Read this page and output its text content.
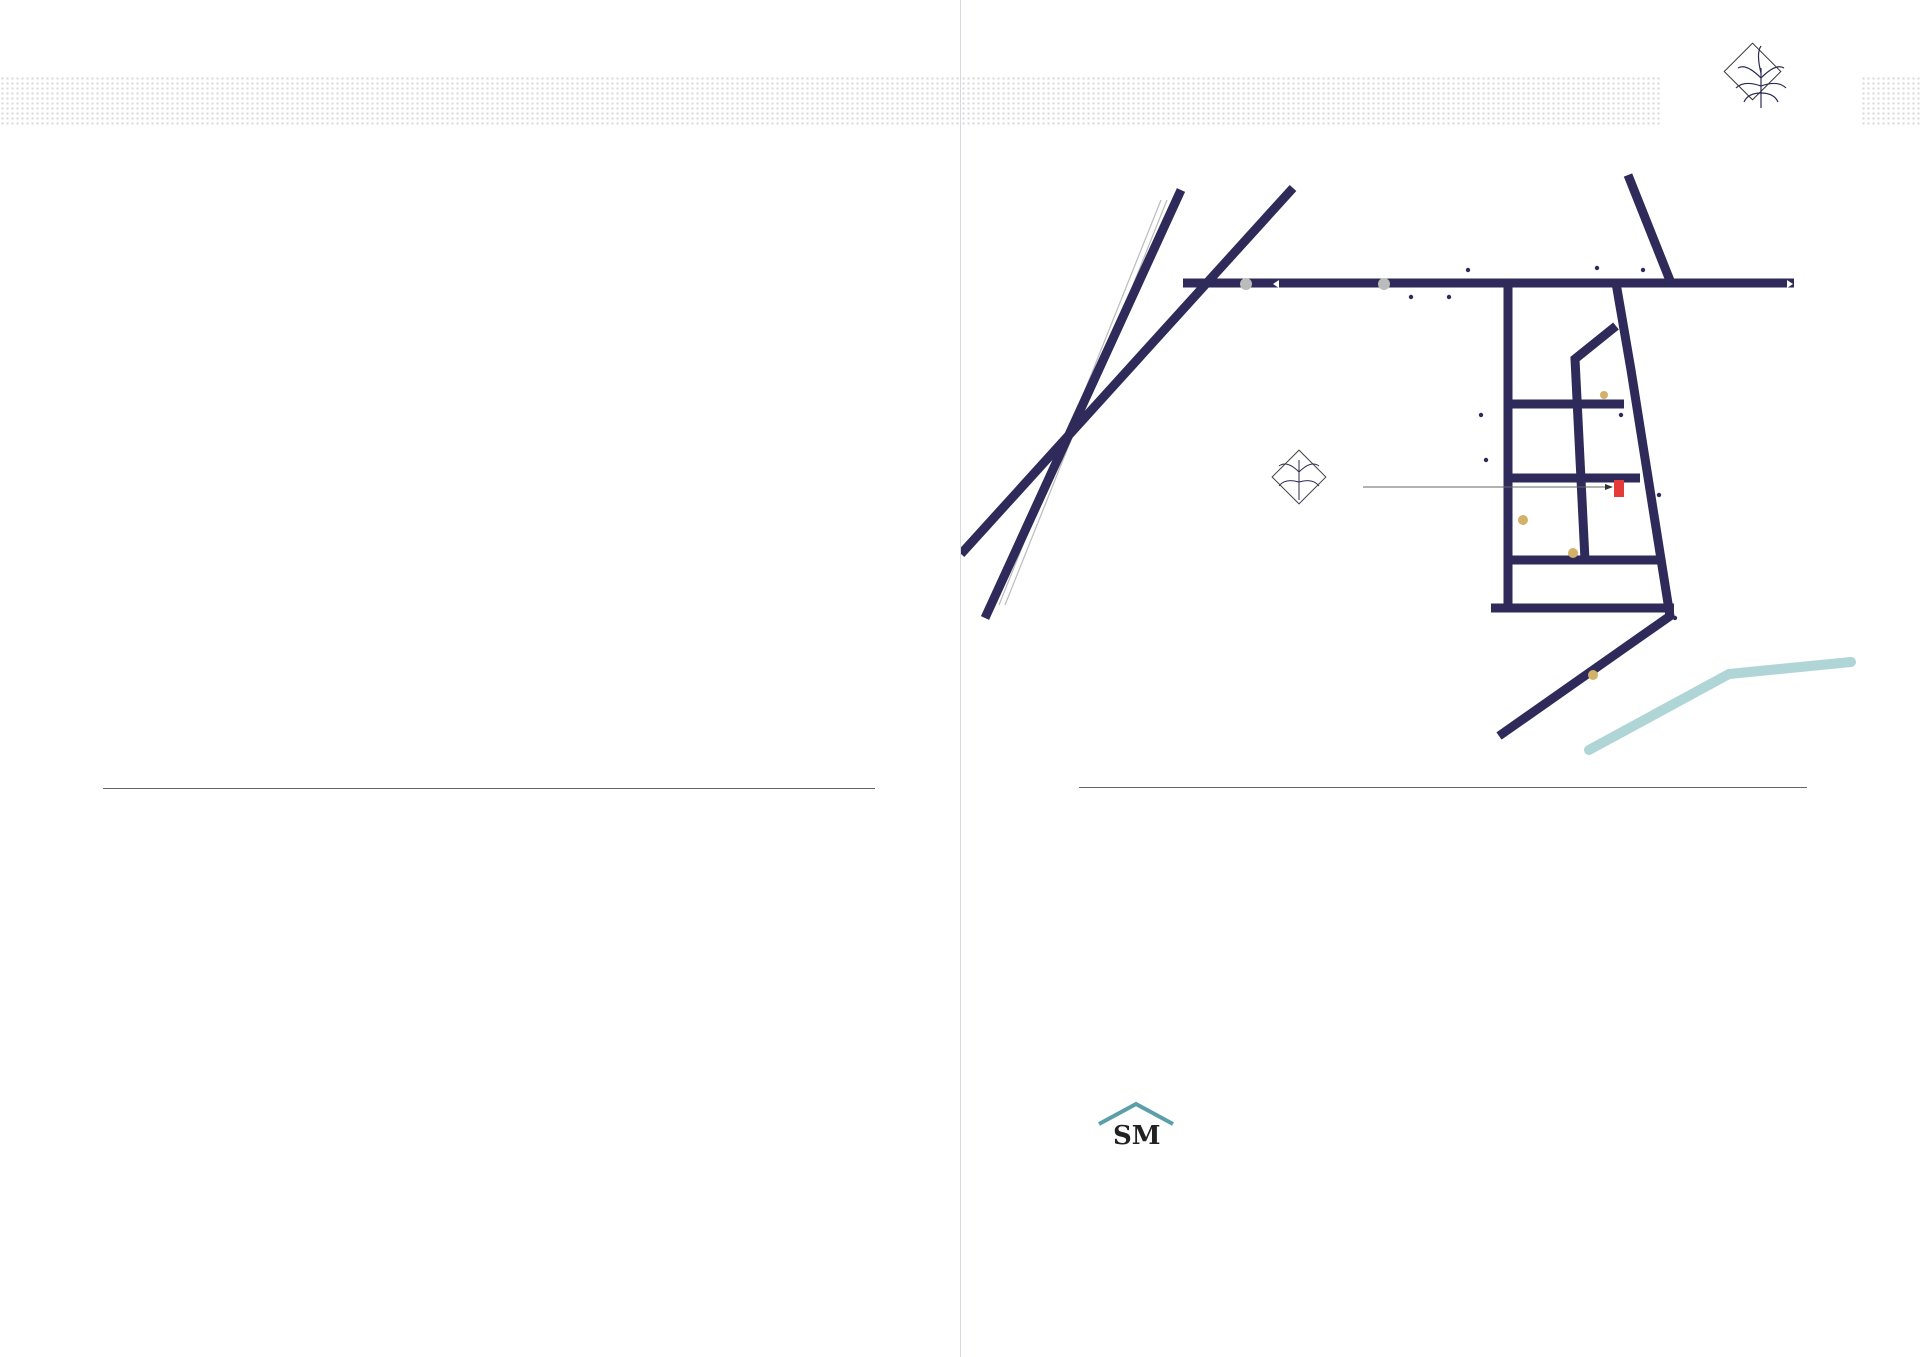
SM
